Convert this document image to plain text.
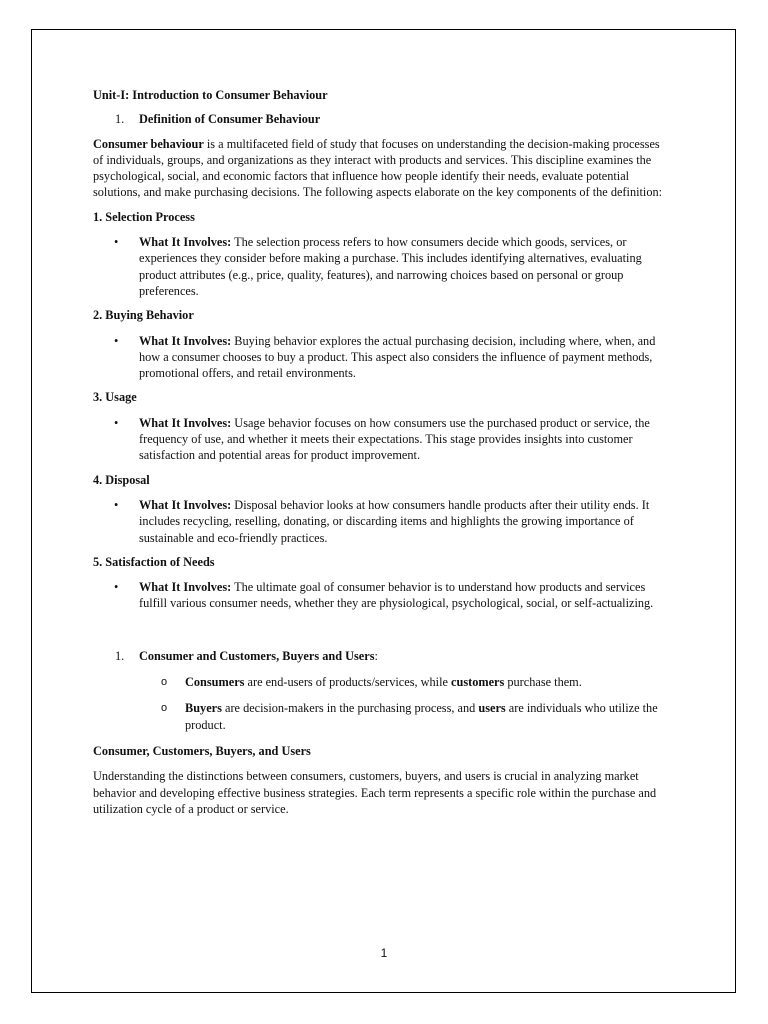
Unit-I: Introduction to Consumer Behaviour

1. Definition of Consumer Behaviour

Consumer behaviour is a multifaceted field of study that focuses on understanding the decision-making processes of individuals, groups, and organizations as they interact with products and services. This discipline examines the psychological, social, and economic factors that influence how people identify their needs, evaluate potential solutions, and make purchasing decisions. The following aspects elaborate on the key components of the definition:

1. Selection Process

• What It Involves: The selection process refers to how consumers decide which goods, services, or experiences they consider before making a purchase. This includes identifying alternatives, evaluating product attributes (e.g., price, quality, features), and narrowing choices based on personal or group preferences.

2. Buying Behavior

• What It Involves: Buying behavior explores the actual purchasing decision, including where, when, and how a consumer chooses to buy a product. This aspect also considers the influence of payment methods, promotional offers, and retail environments.

3. Usage

• What It Involves: Usage behavior focuses on how consumers use the purchased product or service, the frequency of use, and whether it meets their expectations. This stage provides insights into customer satisfaction and potential areas for product improvement.

4. Disposal

• What It Involves: Disposal behavior looks at how consumers handle products after their utility ends. It includes recycling, reselling, donating, or discarding items and highlights the growing importance of sustainable and eco-friendly practices.

5. Satisfaction of Needs

• What It Involves: The ultimate goal of consumer behavior is to understand how products and services fulfill various consumer needs, whether they are physiological, psychological, social, or self-actualizing.

1. Consumer and Customers, Buyers and Users:

o Consumers are end-users of products/services, while customers purchase them.

o Buyers are decision-makers in the purchasing process, and users are individuals who utilize the product.

Consumer, Customers, Buyers, and Users

Understanding the distinctions between consumers, customers, buyers, and users is crucial in analyzing market behavior and developing effective business strategies. Each term represents a specific role within the purchase and utilization cycle of a product or service.

1
